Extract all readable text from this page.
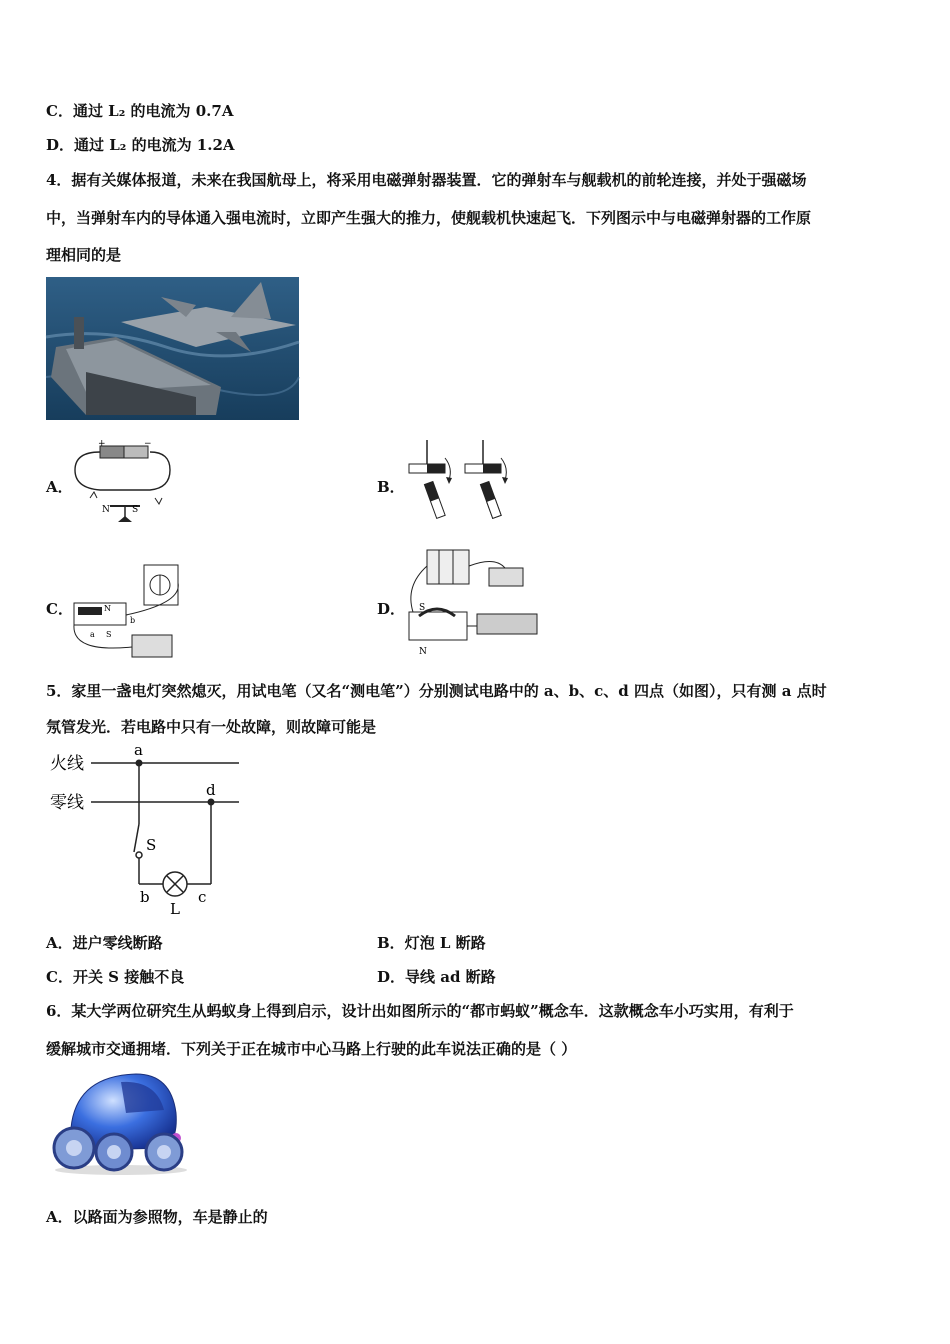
C．通过 L₂ 的电流为 0.7A
D．通过 L₂ 的电流为 1.2A
4．据有关媒体报道，未来在我国航母上，将采用电磁弹射器装置．它的弹射车与舰载机的前轮连接，并处于强磁场
中，当弹射车内的导体通入强电流时，立即产生强大的推力，使舰载机快速起飞．下列图示中与电磁弹射器的工作原
理相同的是
A．	B．
C．	D．
+	−
N S
N
a
b
S
S
N
5．家里一盏电灯突然熄灭，用试电笔（又名“测电笔”）分别测试电路中的 a、b、c、d 四点（如图），只有测 a 点时
氖管发光．若电路中只有一处故障，则故障可能是
火线
零线
a
d
S
b
L
c
A．进户零线断路	B．灯泡 L 断路
C．开关 S 接触不良	D．导线 ad 断路
6．某大学两位研究生从蚂蚁身上得到启示，设计出如图所示的“都市蚂蚁”概念车．这款概念车小巧实用，有利于
缓解城市交通拥堵．下列关于正在城市中心马路上行驶的此车说法正确的是（ ）
A．以路面为参照物，车是静止的
